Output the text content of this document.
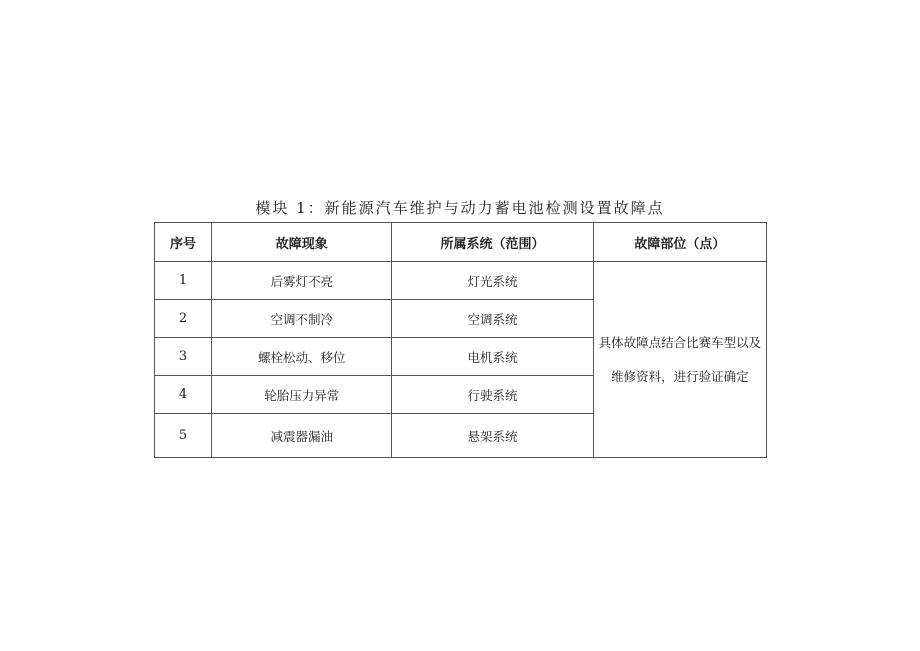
模块 1：新能源汽车维护与动力蓄电池检测设置故障点
序号	故障现象	所属系统（范围）	故障部位（点）
1	后雾灯不亮	灯光系统	具体故障点结合比赛车型以及
维修资料，进行验证确定

2	空调不制冷	空调系统	
3	螺栓松动、移位	电机系统	
4	轮胎压力异常	行驶系统	
5	减震器漏油	悬架系统	
